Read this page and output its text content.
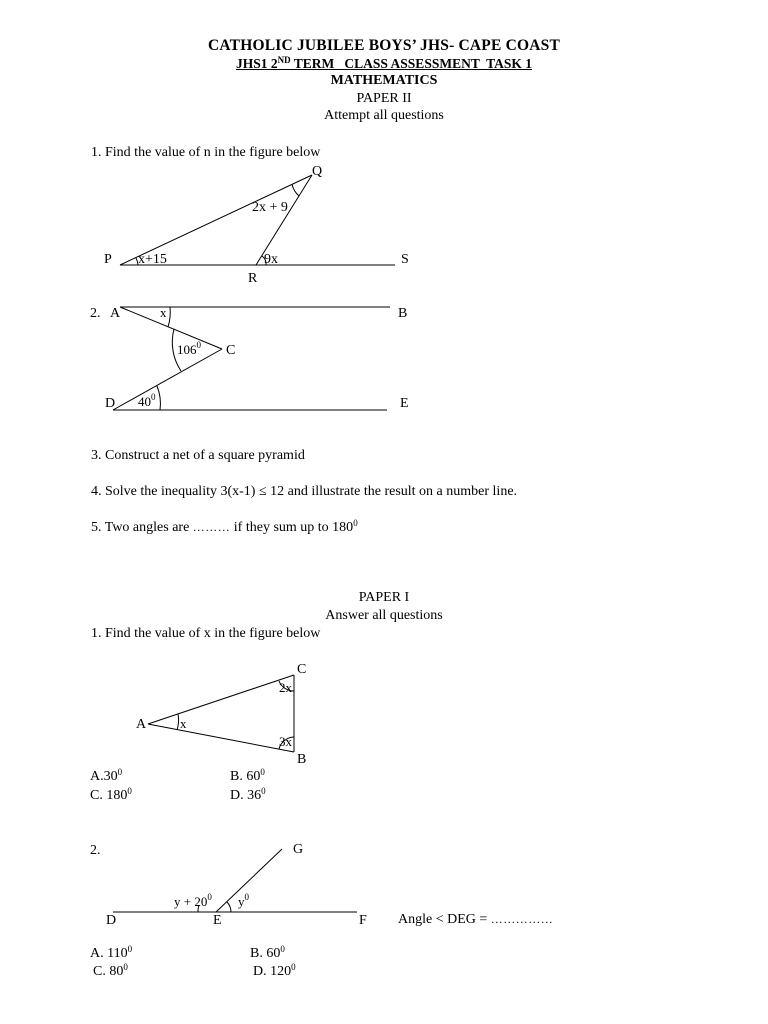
CATHOLIC JUBILEE BOYS’ JHS- CAPE COAST
JHS1 2ND TERM   CLASS ASSESSMENT  TASK 1
MATHEMATICS
PAPER II
Attempt all questions
1. Find the value of n in the figure below
Q
P
R
S
2x + 9
x+15	9x
2. A	B
C
D	E
x
$106^0$
$40^0$
3. Construct a net of a square pyramid
4. Solve the inequality 3(x-1) ≤ 12 and illustrate the result on a number line.
5. Two angles are ……… if they sum up to $180^0$
PAPER I
Answer all questions
1. Find the value of x in the figure below
C
A
B
x
2x
3x
$A.30^0$	B. $60^0$
C. $180^0$	D. $36^0$
2.	G
D	E	F
$y + 20^0$ $y^0$
Angle < DEG = ……………
A. $110^0$	B. $60^0$
C. $80^0$	D. $120^0$
